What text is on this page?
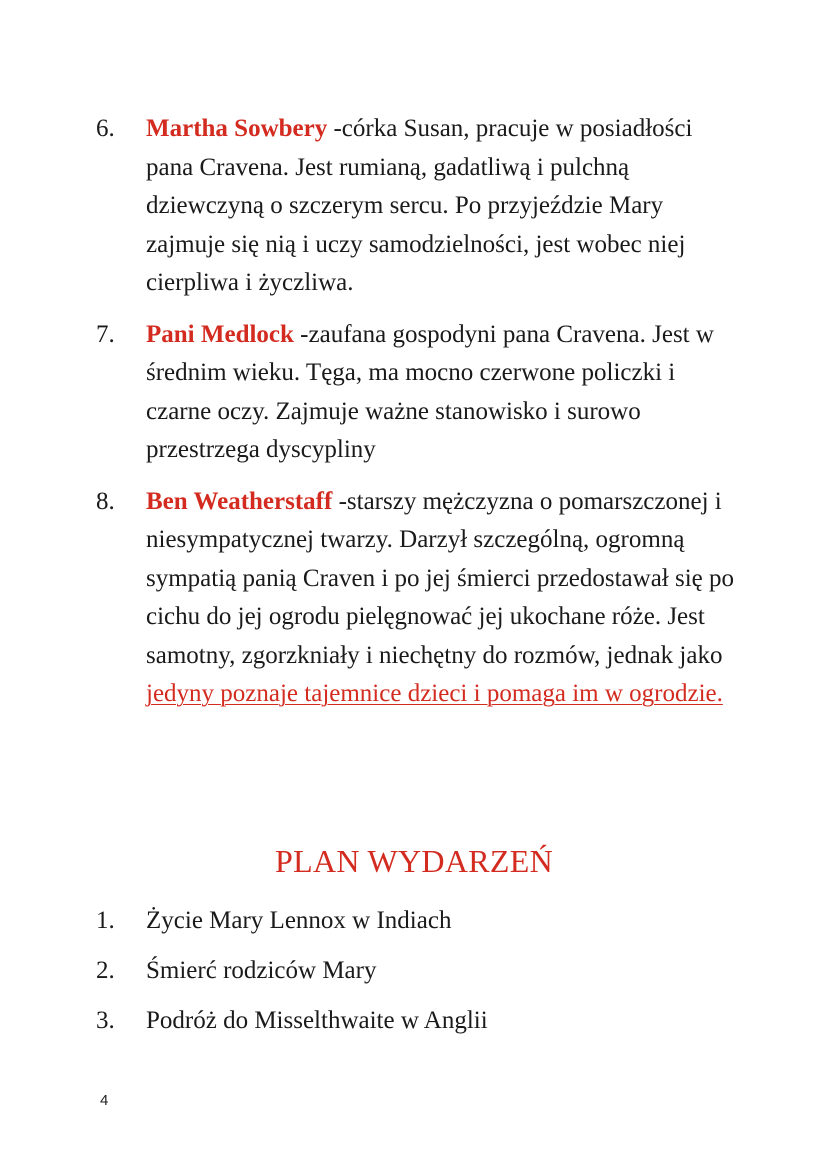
6.	Martha Sowbery -córka Susan, pracuje w posiadłości pana Cravena. Jest rumianą, gadatliwą i pulchną dziewczyną o szczerym sercu. Po przyjeździe Mary zajmuje się nią i uczy samodzielności, jest wobec niej cierpliwa i życzliwa.
7.	Pani Medlock -zaufana gospodyni pana Cravena. Jest w średnim wieku. Tęga, ma mocno czerwone policzki i czarne oczy. Zajmuje ważne stanowisko i surowo przestrzega dyscypliny
8.	Ben Weatherstaff -starszy mężczyzna o pomarszczonej i niesympatycznej twarzy. Darzył szczególną, ogromną sympatią panią Craven i po jej śmierci przedostawał się po cichu do jej ogrodu pielęgnować jej ukochane róże. Jest samotny, zgorzkniały i niechętny do rozmów, jednak jako jedyny poznaje tajemnice dzieci i pomaga im w ogrodzie.
PLAN WYDARZEŃ
1.	Życie Mary Lennox w Indiach
2.	Śmierć rodziców Mary
3.	Podróż do Misselthwaite w Anglii
4
